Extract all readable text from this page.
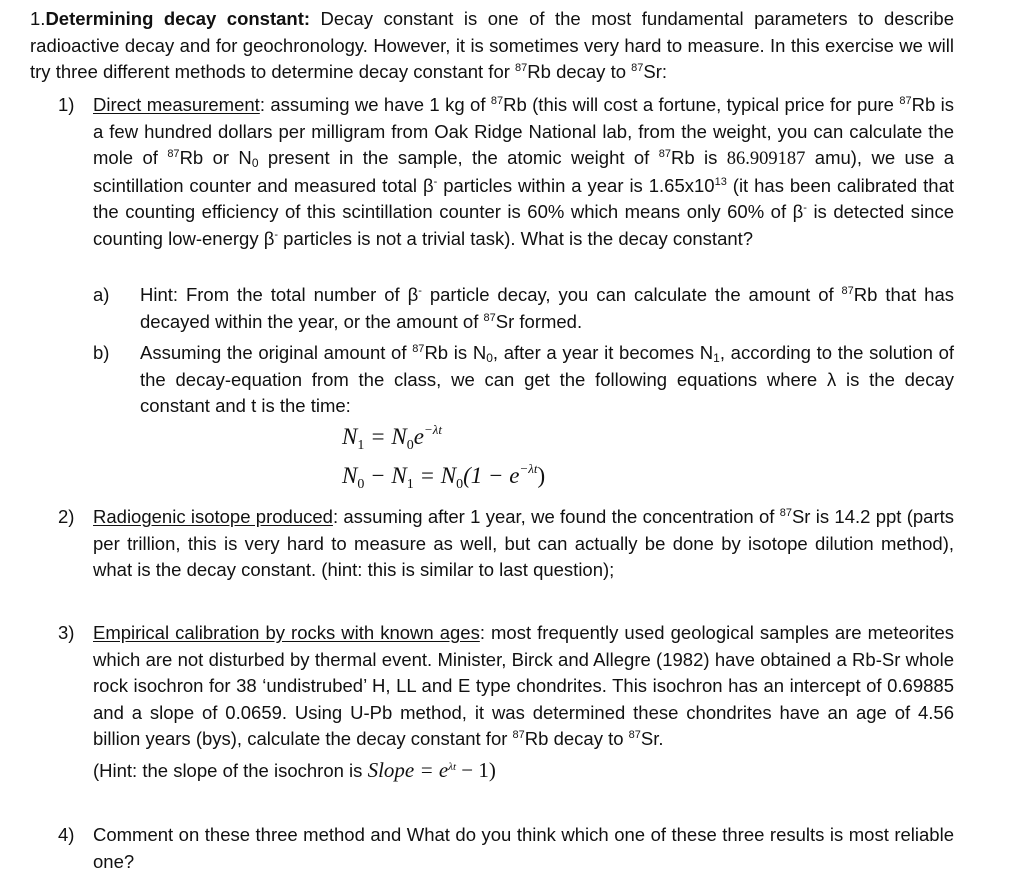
1.Determining decay constant: Decay constant is one of the most fundamental parameters to describe radioactive decay and for geochronology. However, it is sometimes very hard to measure. In this exercise we will try three different methods to determine decay constant for $^{87}$Rb decay to $^{87}$Sr:
1) Direct measurement: assuming we have 1 kg of $^{87}$Rb (this will cost a fortune, typical price for pure $^{87}$Rb is a few hundred dollars per milligram from Oak Ridge National lab, from the weight, you can calculate the mole of $^{87}$Rb or $N_0$ present in the sample, the atomic weight of $^{87}$Rb is 86.909187 amu), we use a scintillation counter and measured total β- particles within a year is $1.65x10^{13}$ (it has been calibrated that the counting efficiency of this scintillation counter is 60% which means only 60% of β- is detected since counting low-energy β- particles is not a trivial task). What is the decay constant?
a) Hint: From the total number of β- particle decay, you can calculate the amount of $^{87}$Rb that has decayed within the year, or the amount of $^{87}$Sr formed.
b) Assuming the original amount of $^{87}$Rb is $N_0$, after a year it becomes $N_1$, according to the solution of the decay-equation from the class, we can get the following equations where λ is the decay constant and t is the time:
$N_1 = N_0e^{-\lambda t}$
$N_0 - N_1 = N_0(1 - e^{-\lambda t})$
2) Radiogenic isotope produced: assuming after 1 year, we found the concentration of $^{87}$Sr is 14.2 ppt (parts per trillion, this is very hard to measure as well, but can actually be done by isotope dilution method), what is the decay constant. (hint: this is similar to last question);
3) Empirical calibration by rocks with known ages: most frequently used geological samples are meteorites which are not disturbed by thermal event. Minister, Birck and Allegre (1982) have obtained a Rb-Sr whole rock isochron for 38 ‘undistrubed’ H, LL and E type chondrites. This isochron has an intercept of 0.69885 and a slope of 0.0659. Using U-Pb method, it was determined these chondrites have an age of 4.56 billion years (bys), calculate the decay constant for $^{87}$Rb decay to $^{87}$Sr.
(Hint: the slope of the isochron is Slope = $e^{\lambda t} - 1$)
4) Comment on these three method and What do you think which one of these three results is most reliable one?
